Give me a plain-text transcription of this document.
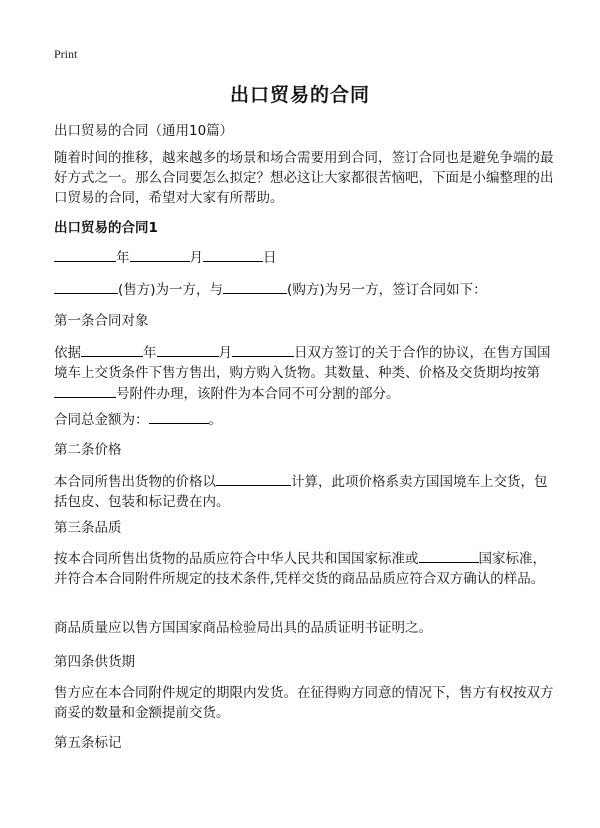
Print
出口贸易的合同
出口贸易的合同（通用10篇）
随着时间的推移，越来越多的场景和场合需要用到合同，签订合同也是避免争端的最好方式之一。那么合同要怎么拟定？想必这让大家都很苦恼吧，下面是小编整理的出口贸易的合同，希望对大家有所帮助。
出口贸易的合同1
年	月	日
(售方)为一方，与	(购方)为另一方，签订合同如下：
第一条合同对象
依据	年	月	日双方签订的关于合作的协议，在售方国国境车上交货条件下售方售出，购方购入货物。其数量、种类、价格及交货期均按第号附件办理，该附件为本合同不可分割的部分。
合同总金额为：	。
第二条价格
本合同所售出货物的价格以	计算，此项价格系卖方国国境车上交货，包括包皮、包装和标记费在内。
第三条品质
按本合同所售出货物的品质应符合中华人民共和国国家标准或	国家标准，并符合本合同附件所规定的技术条件,凭样交货的商品品质应符合双方确认的样品。
商品质量应以售方国国家商品检验局出具的品质证明书证明之。
第四条供货期
售方应在本合同附件规定的期限内发货。在征得购方同意的情况下，售方有权按双方商妥的数量和金额提前交货。
第五条标记
